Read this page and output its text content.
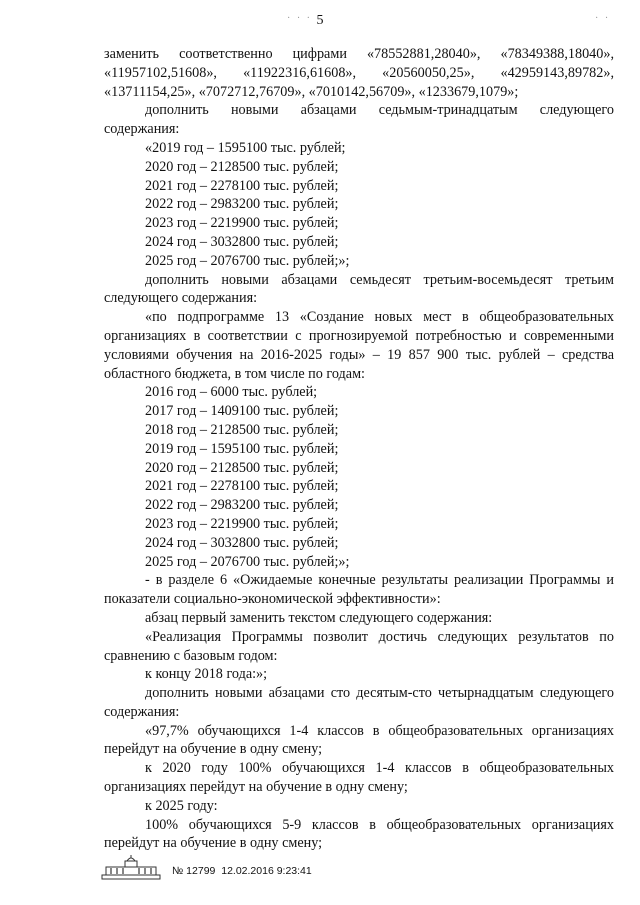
5
· · ·	· ·

заменить соответственно цифрами «78552881,28040», «78349388,18040», «11957102,51608», «11922316,61608», «20560050,25», «42959143,89782», «13711154,25», «7072712,76709», «7010142,56709», «1233679,1079»;

дополнить новыми абзацами седьмым-тринадцатым следующего содержания:

«2019 год – 1595100 тыс. рублей;

2020 год – 2128500 тыс. рублей;

2021 год – 2278100 тыс. рублей;

2022 год – 2983200 тыс. рублей;

2023 год – 2219900 тыс. рублей;

2024 год – 3032800 тыс. рублей;

2025 год – 2076700 тыс. рублей;»;

дополнить новыми абзацами семьдесят третьим-восемьдесят третьим следующего содержания:

«по подпрограмме 13 «Создание новых мест в общеобразовательных организациях в соответствии с прогнозируемой потребностью и современными условиями обучения на 2016-2025 годы» – 19 857 900 тыс. рублей – средства областного бюджета, в том числе по годам:

2016 год – 6000 тыс. рублей;

2017 год – 1409100 тыс. рублей;

2018 год – 2128500 тыс. рублей;

2019 год – 1595100 тыс. рублей;

2020 год – 2128500 тыс. рублей;

2021 год – 2278100 тыс. рублей;

2022 год – 2983200 тыс. рублей;

2023 год – 2219900 тыс. рублей;

2024 год – 3032800 тыс. рублей;

2025 год – 2076700 тыс. рублей;»;

- в разделе 6 «Ожидаемые конечные результаты реализации Программы и показатели социально-экономической эффективности»:

абзац первый заменить текстом следующего содержания:

«Реализация Программы позволит достичь следующих результатов по сравнению с базовым годом:

к концу 2018 года:»;

дополнить новыми абзацами сто десятым-сто четырнадцатым следующего содержания:

«97,7% обучающихся 1-4 классов в общеобразовательных организациях перейдут на обучение в одну смену;

к 2020 году 100% обучающихся 1-4 классов в общеобразовательных организациях перейдут на обучение в одну смену;

к 2025 году:

100% обучающихся 5-9 классов в общеобразовательных организациях перейдут на обучение в одну смену;

№ 12799 12.02.2016 9:23:41
